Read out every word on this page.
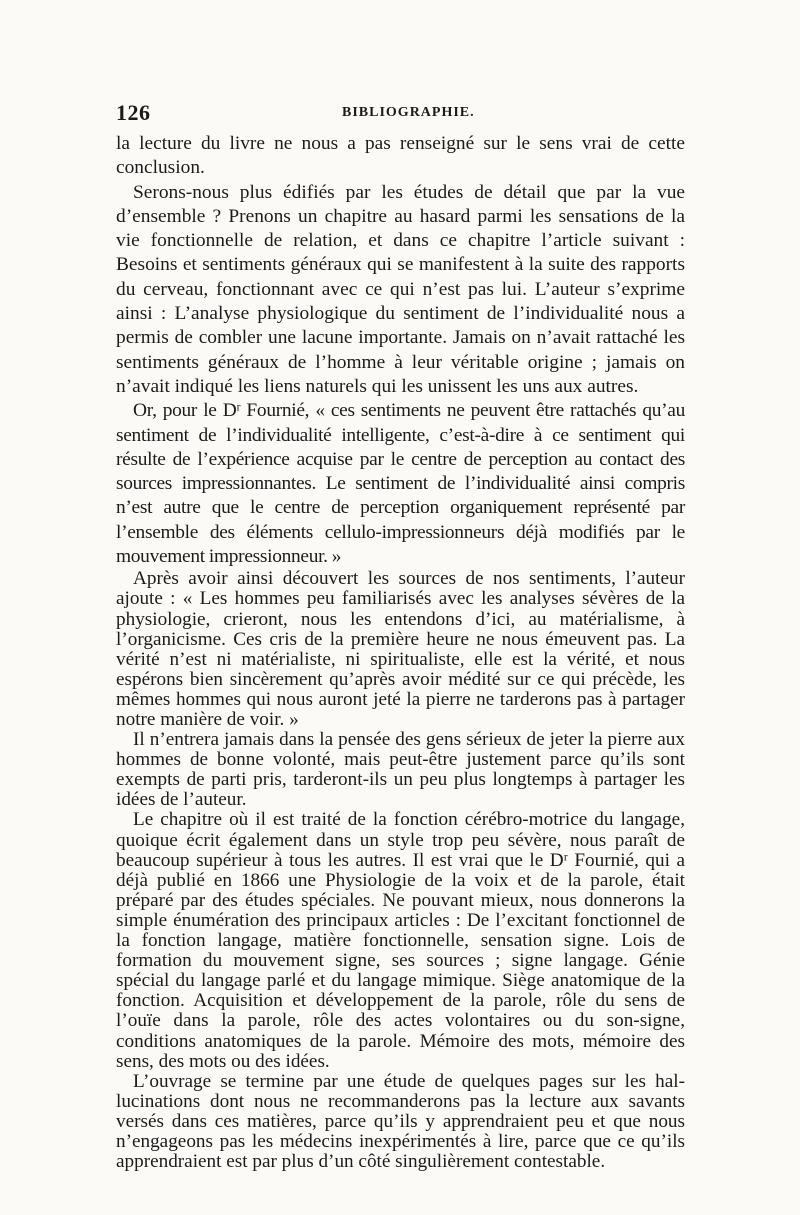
126	BIBLIOGRAPHIE.

la lecture du livre ne nous a pas renseigné sur le sens vrai de cette conclusion.

Serons-nous plus édifiés par les études de détail que par la vue d’ensemble ? Prenons un chapitre au hasard parmi les sensations de la vie fonctionnelle de relation, et dans ce chapitre l’article suivant : Besoins et sentiments généraux qui se manifestent à la suite des rapports du cerveau, fonctionnant avec ce qui n’est pas lui. L’auteur s’exprime ainsi : L’analyse physiologique du sentiment de l’individualité nous a permis de combler une lacune importante. Jamais on n’avait rattaché les sentiments généraux de l’homme à leur véritable origine ; jamais on n’avait indiqué les liens naturels qui les unissent les uns aux autres.

Or, pour le Dʳ Fournié, « ces sentiments ne peuvent être rattachés qu’au sentiment de l’individualité intelligente, c’est-à-dire à ce sentiment qui résulte de l’expérience acquise par le centre de perception au contact des sources impressionnantes. Le sentiment de l’individualité ainsi compris n’est autre que le centre de perception organiquement représenté par l’ensemble des éléments cellulo-impressionneurs déjà modifiés par le mouvement impressionneur. »

Après avoir ainsi découvert les sources de nos sentiments, l’auteur ajoute : « Les hommes peu familiarisés avec les analyses sévères de la physiologie, crieront, nous les entendons d’ici, au matérialisme, à l’organicisme. Ces cris de la première heure ne nous émeuvent pas. La vérité n’est ni matérialiste, ni spiritualiste, elle est la vérité, et nous espérons bien sincèrement qu’après avoir médité sur ce qui précède, les mêmes hommes qui nous auront jeté la pierre ne tarderons pas à partager notre manière de voir. »

Il n’entrera jamais dans la pensée des gens sérieux de jeter la pierre aux hommes de bonne volonté, mais peut-être justement parce qu’ils sont exempts de parti pris, tarderont-ils un peu plus longtemps à partager les idées de l’auteur.

Le chapitre où il est traité de la fonction cérébro-motrice du langage, quoique écrit également dans un style trop peu sévère, nous paraît de beaucoup supérieur à tous les autres. Il est vrai que le Dʳ Fournié, qui a déjà publié en 1866 une Physiologie de la voix et de la parole, était préparé par des études spéciales. Ne pouvant mieux, nous donnerons la simple énumération des principaux articles : De l’excitant fonctionnel de la fonction langage, matière fonctionnelle, sensation signe. Lois de formation du mouvement signe, ses sources ; signe langage. Génie spécial du langage parlé et du langage mimique. Siège anatomique de la fonction. Acquisition et développement de la parole, rôle du sens de l’ouïe dans la parole, rôle des actes volontaires ou du son-signe, conditions anatomiques de la parole. Mémoire des mots, mémoire des sens, des mots ou des idées.

L’ouvrage se termine par une étude de quelques pages sur les hallucinations dont nous ne recommanderons pas la lecture aux savants versés dans ces matières, parce qu’ils y apprendraient peu et que nous n’engageons pas les médecins inexpérimentés à lire, parce que ce qu’ils apprendraient est par plus d’un côté singulièrement contestable.
